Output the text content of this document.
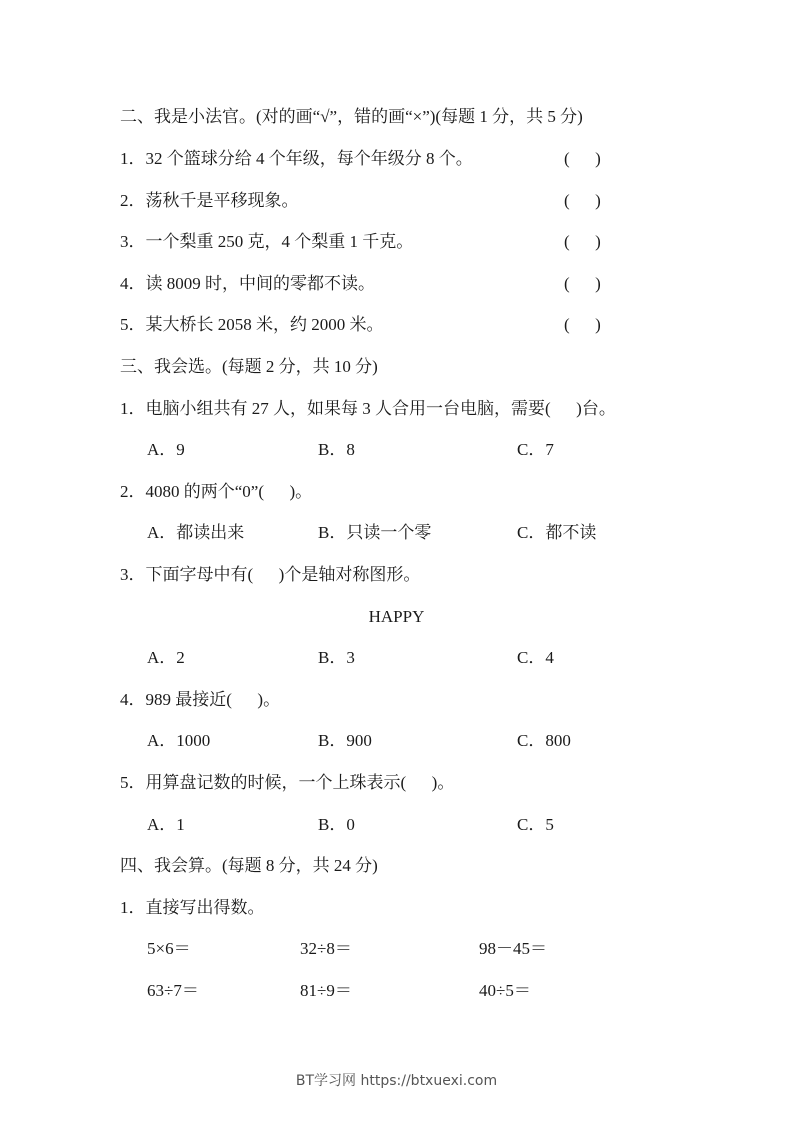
二、我是小法官。(对的画“√”，错的画“×”)(每题 1 分，共 5 分)
1．32 个篮球分给 4 个年级，每个年级分 8 个。	(      )
2．荡秋千是平移现象。	(      )
3．一个梨重 250 克，4 个梨重 1 千克。	(      )
4．读 8009 时，中间的零都不读。	(      )
5．某大桥长 2058 米，约 2000 米。	(      )
三、我会选。(每题 2 分，共 10 分)
1．电脑小组共有 27 人，如果每 3 人合用一台电脑，需要(      )台。
A．9	B．8	C．7
2．4080 的两个“0”(      )。
A．都读出来	B．只读一个零	C．都不读
3．下面字母中有(      )个是轴对称图形。
HAPPY
A．2	B．3	C．4
4．989 最接近(      )。
A．1000	B．900	C．800
5．用算盘记数的时候，一个上珠表示(      )。
A．1	B．0	C．5
四、我会算。(每题 8 分，共 24 分)
1．直接写出得数。
5×6＝	32÷8＝	98－45＝
63÷7＝	81÷9＝	40÷5＝
BT学习网 https://btxuexi.com
